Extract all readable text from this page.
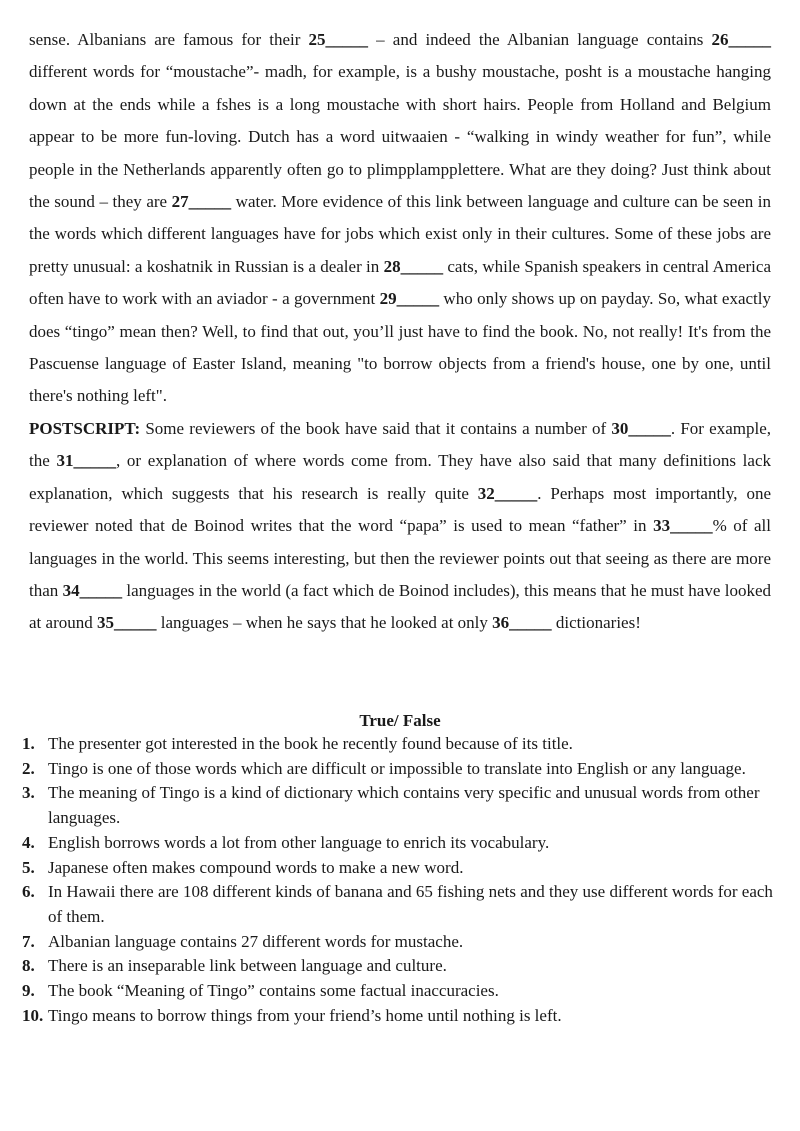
sense. Albanians are famous for their 25_____ – and indeed the Albanian language contains 26_____ different words for “moustache”- madh, for example, is a bushy moustache, posht is a moustache hanging down at the ends while a fshes is a long moustache with short hairs. People from Holland and Belgium appear to be more fun-loving. Dutch has a word uitwaaien - “walking in windy weather for fun”, while people in the Netherlands apparently often go to plimpplampplettere. What are they doing? Just think about the sound – they are 27_____ water. More evidence of this link between language and culture can be seen in the words which different languages have for jobs which exist only in their cultures. Some of these jobs are pretty unusual: a koshatnik in Russian is a dealer in 28_____ cats, while Spanish speakers in central America often have to work with an aviador - a government 29_____ who only shows up on payday. So, what exactly does “tingo” mean then? Well, to find that out, you’ll just have to find the book. No, not really! It's from the Pascuense language of Easter Island, meaning "to borrow objects from a friend's house, one by one, until there's nothing left".

POSTSCRIPT: Some reviewers of the book have said that it contains a number of 30_____. For example, the 31_____, or explanation of where words come from. They have also said that many definitions lack explanation, which suggests that his research is really quite 32_____. Perhaps most importantly, one reviewer noted that de Boinod writes that the word “papa” is used to mean “father” in 33_____% of all languages in the world. This seems interesting, but then the reviewer points out that seeing as there are more than 34_____ languages in the world (a fact which de Boinod includes), this means that he must have looked at around 35_____ languages – when he says that he looked at only 36_____ dictionaries!

True/ False
1. The presenter got interested in the book he recently found because of its title.
2. Tingo is one of those words which are difficult or impossible to translate into English or any language.
3. The meaning of Tingo is a kind of dictionary which contains very specific and unusual words from other languages.
4. English borrows words a lot from other language to enrich its vocabulary.
5. Japanese often makes compound words to make a new word.
6. In Hawaii there are 108 different kinds of banana and 65 fishing nets and they use different words for each of them.
7. Albanian language contains 27 different words for mustache.
8. There is an inseparable link between language and culture.
9. The book “Meaning of Tingo” contains some factual inaccuracies.
10. Tingo means to borrow things from your friend’s home until nothing is left.
